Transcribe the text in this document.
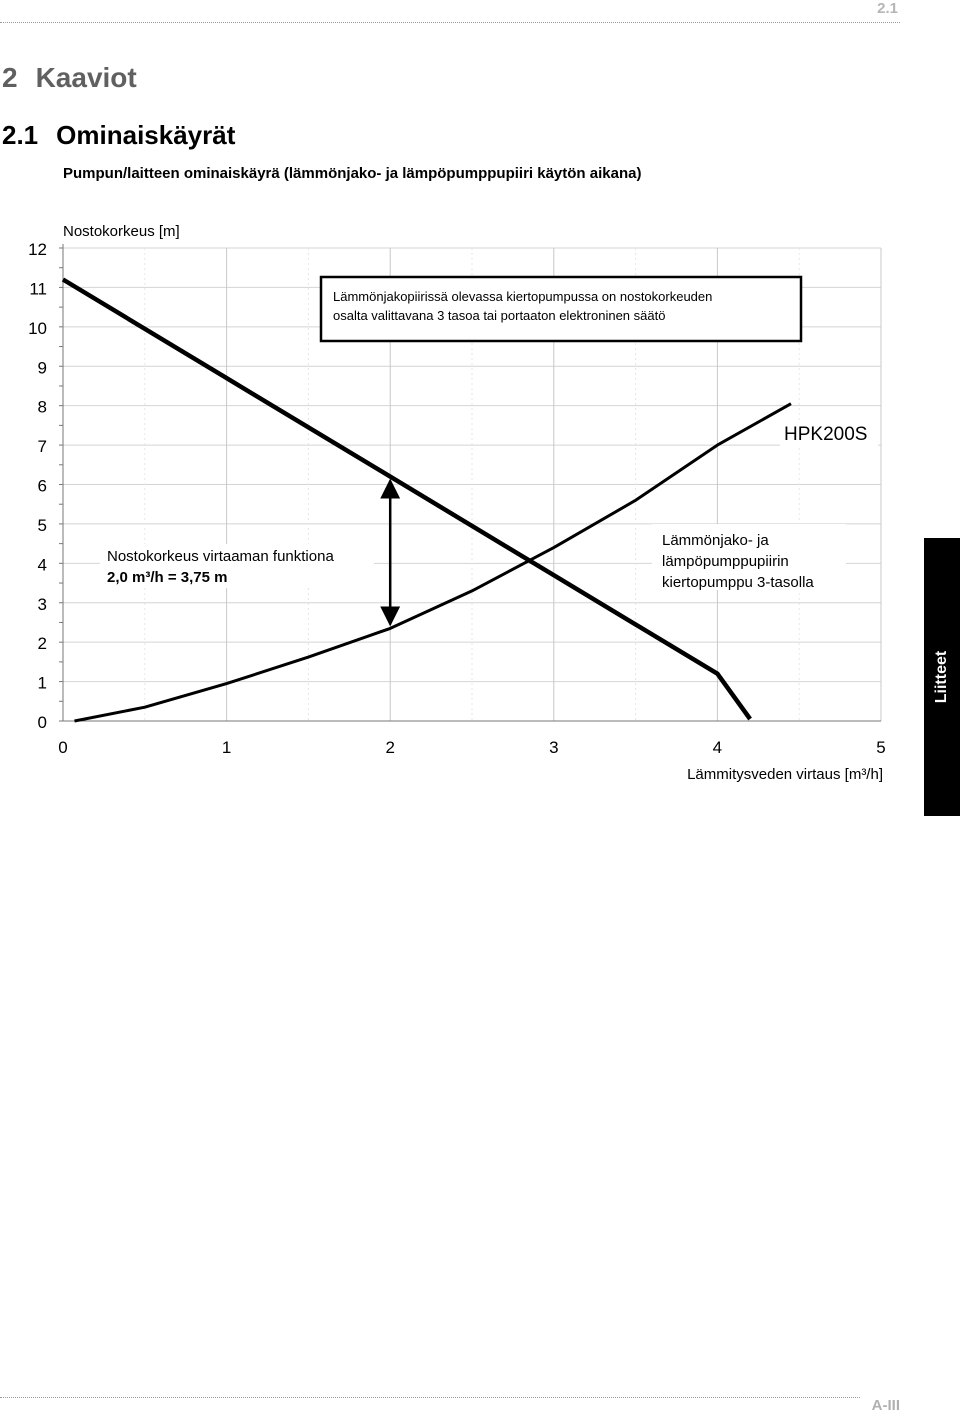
2.1
2 Kaaviot
2.1 Ominaiskäyrät

Pumpun/laitteen ominaiskäyrä (lämmönjako- ja lämpöpumppupiiri käytön aikana)

0
1
2
3
4
5
6
7
8
9
10
11
12
0	1	2	3	4	5
Nostokorkeus [m]
Lämmitysveden virtaus [m³/h]
Lämmönjakopiirissä olevassa kiertopumpussa on nostokorkeuden
osalta valittavana 3 tasoa tai portaaton elektroninen säätö
Lämmönjako- ja
lämpöpumppupiirin
kiertopumppu 3-tasolla
Nostokorkeus virtaaman funktiona
2,0 m³/h = 3,75 m
HPK200S
Liitteet
A-III
